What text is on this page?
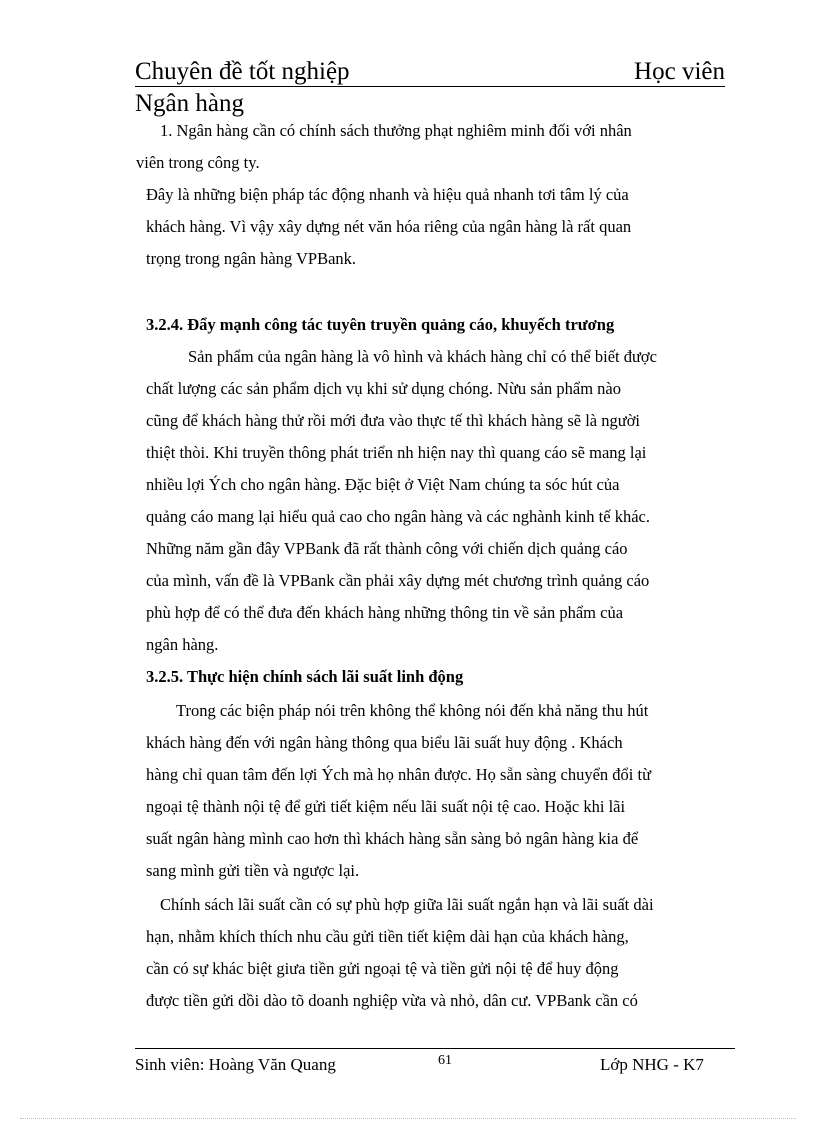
Chuyên đề tốt nghiệp	Học viên
Ngân hàng
1. Ngân hàng cần có chính sách thưởng phạt nghiêm minh đối với nhân
viên trong công ty.
Đây là những biện pháp tác động nhanh và hiệu quả nhanh tơi tâm lý của
khách hàng. Vì vậy xây dựng nét văn hóa riêng của ngân hàng là rất quan
trọng trong ngân hàng VPBank.
3.2.4. Đẩy mạnh công tác tuyên truyền quảng cáo, khuyếch trương
Sản phẩm của ngân hàng là vô hình và khách hàng chỉ có thể biết được
chất lượng các sản phẩm dịch vụ khi sử dụng chóng. Nừu sản phẩm nào
cũng để khách hàng thử rồi mới đưa vào thực tế thì khách hàng sẽ là người
thiệt thòi. Khi truyền thông phát triển nh hiện nay thì quang cáo sẽ mang lại
nhiều lợi Ých cho ngân hàng. Đặc biệt ở Việt Nam chúng ta sóc hút của
quảng cáo mang lại hiểu quả cao cho ngân hàng và các nghành kinh tế khác.
Những năm gần đây VPBank đã rất thành công với chiến dịch quảng cáo
của mình, vấn đề là VPBank cần phải xây dựng mét chương trình quảng cáo
phù hợp để có thể đưa đến khách hàng những thông tin về sản phẩm của
ngân hàng.
3.2.5. Thực hiện chính sách lãi suất linh động
Trong các biện pháp nói trên không thể không nói đến khả năng thu hút
khách hàng đến với ngân hàng thông qua biểu lãi suất huy động . Khách
hàng chỉ quan tâm đến lợi Ých mà họ nhân được. Họ sẵn sàng chuyển đổi từ
ngoại tệ thành nội tệ để gửi tiết kiệm nếu lãi suất nội tệ cao. Hoặc khi lãi
suất ngân hàng mình cao hơn thì khách hàng sẵn sàng bỏ ngân hàng kia để
sang mình gửi tiền và ngược lại.
Chính sách lãi suất cần có sự phù hợp giữa lãi suất ngắn hạn và lãi suất dài
hạn, nhằm khích thích nhu cầu gửi tiền tiết kiệm dài hạn của khách hàng,
cần có sự khác biệt giưa tiền gửi ngoại tệ và tiền gửi nội tệ để huy động
được tiền gửi dồi dào tõ doanh nghiệp vừa và nhỏ, dân cư. VPBank cần có
Sinh viên: Hoàng Văn Quang	61	Lớp NHG - K7
